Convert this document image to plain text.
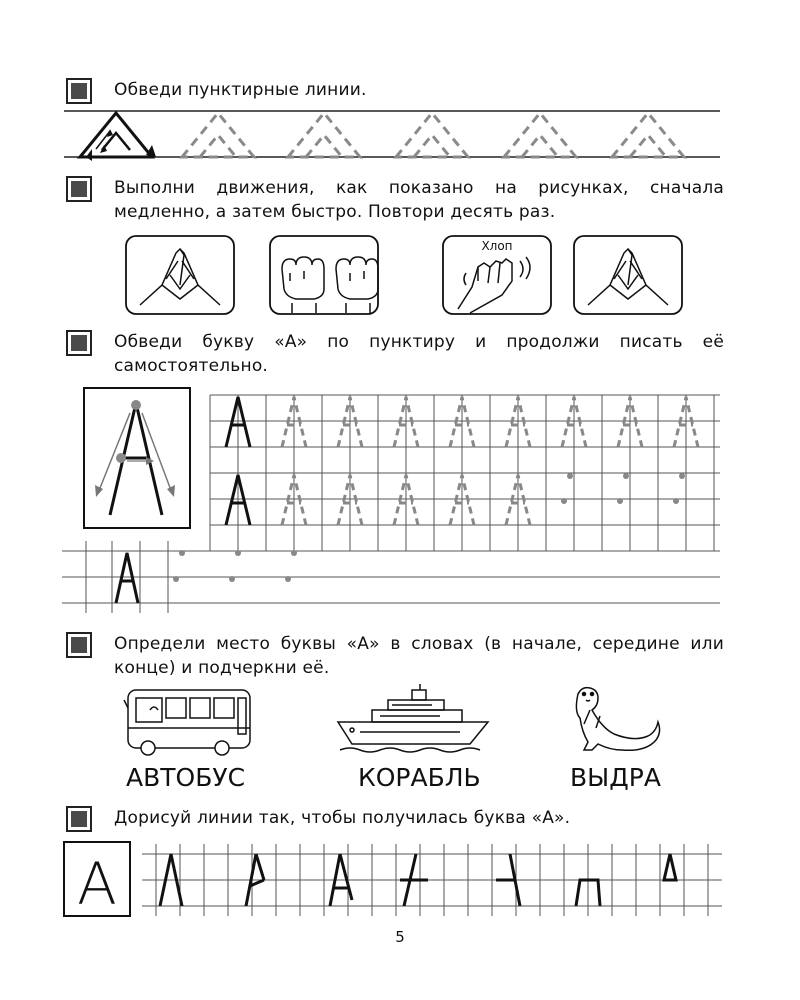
Обведи пунктирные линии.
Выполни движения, как показано на рисунках, сначала медленно, а затем быстро. Повтори десять раз.
Хлоп
Обведи букву «А» по пунктиру и продолжи писать её самостоятельно.
Определи место буквы «А» в словах (в начале, середине или конце) и подчеркни её.
АВТОБУС	КОРАБЛЬ	ВЫДРА
Дорисуй линии так, чтобы получилась буква «А».
А
5
